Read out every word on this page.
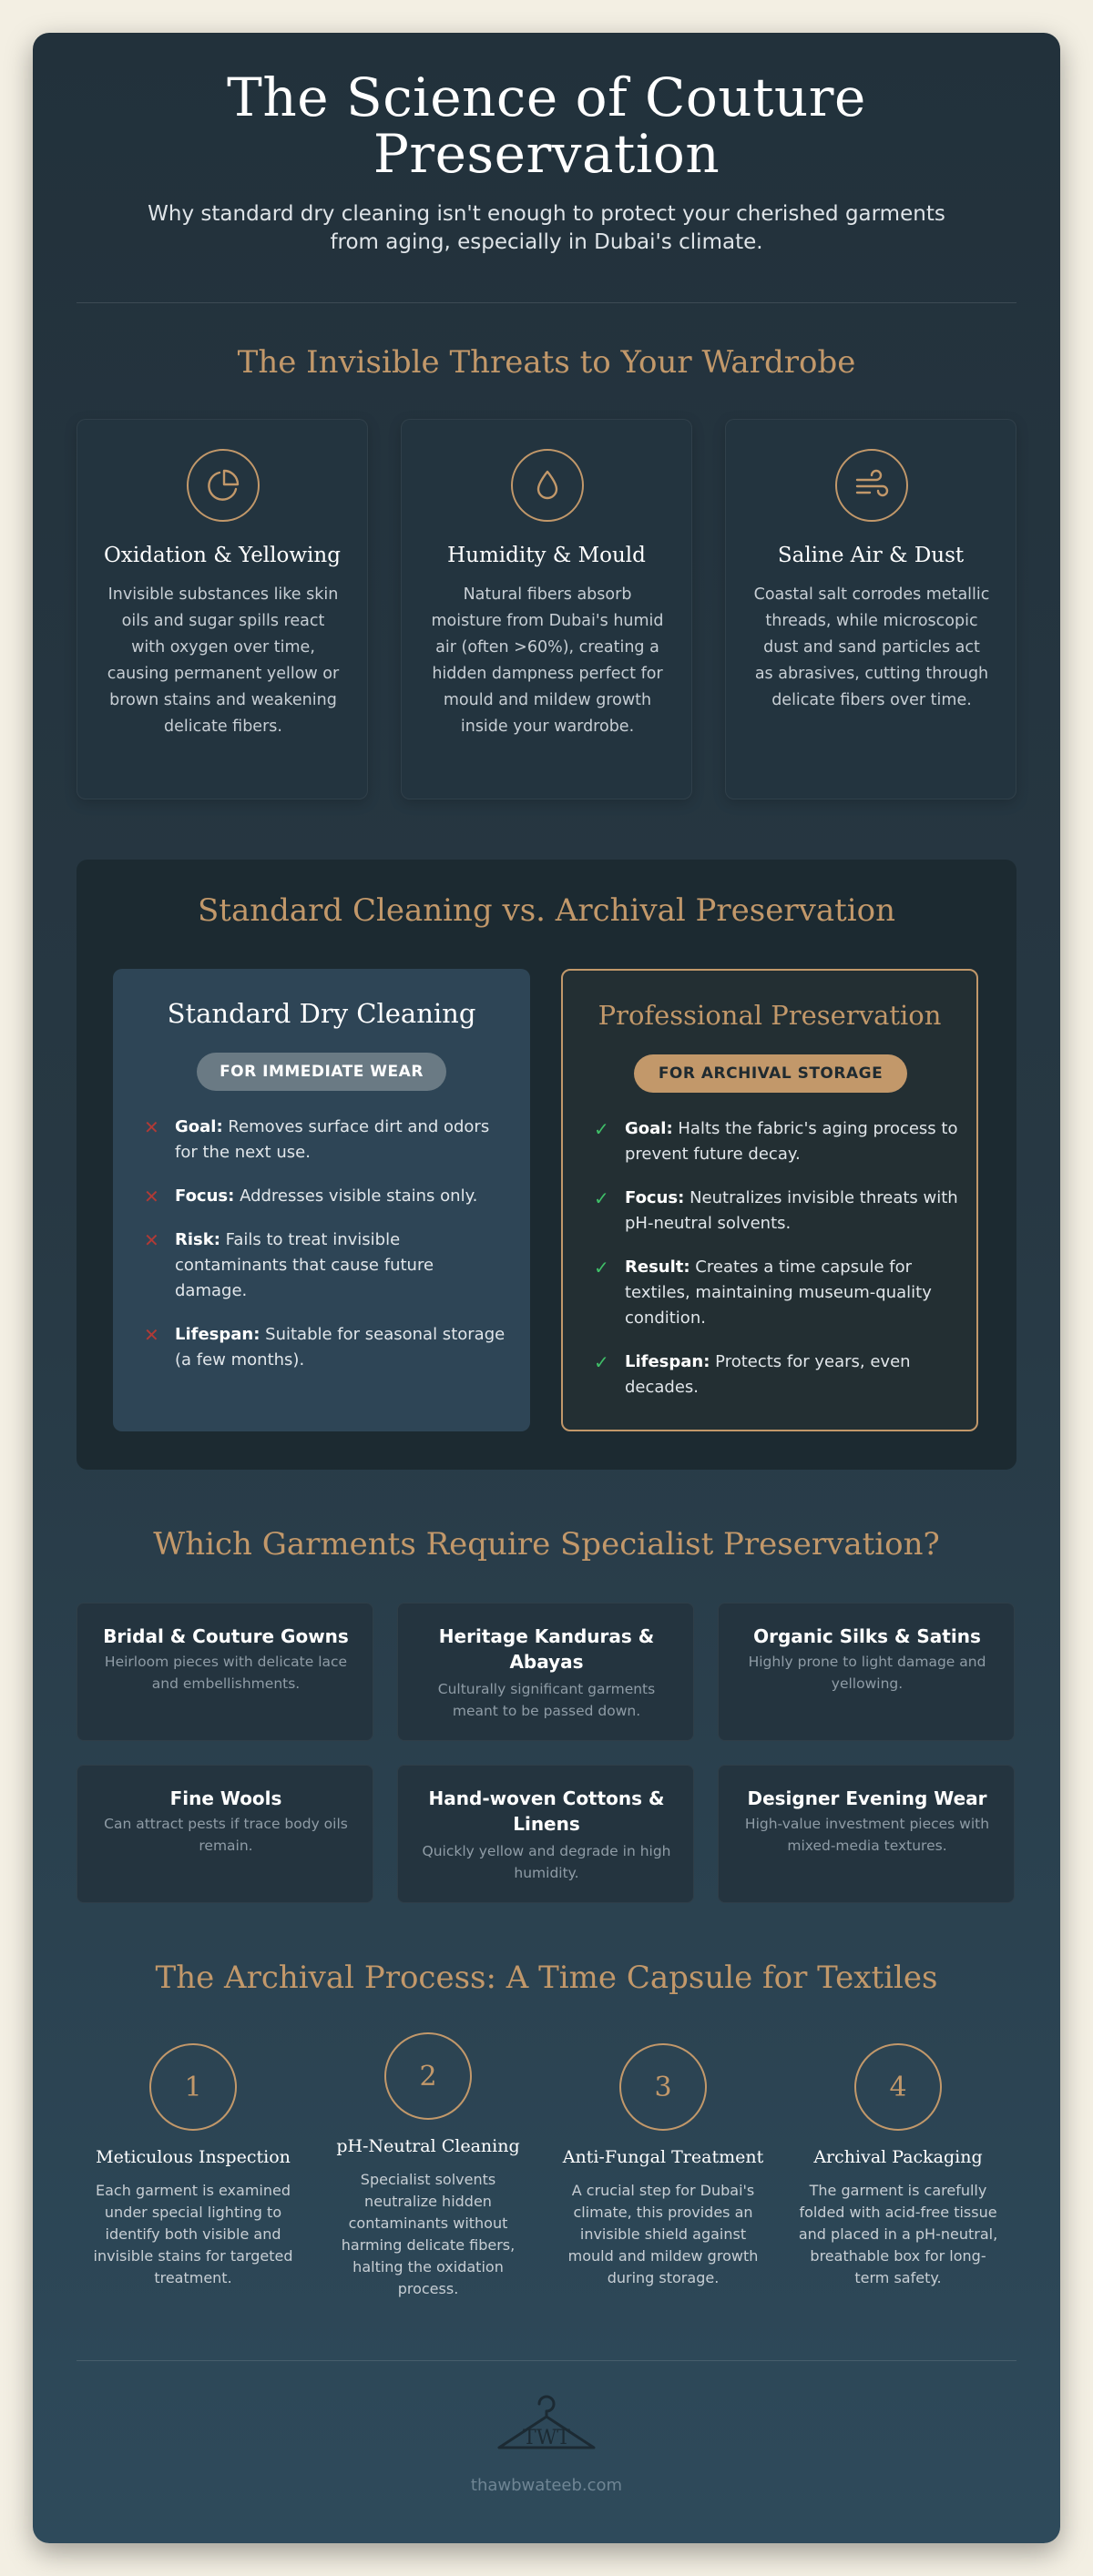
The Science of Couture Preservation
Why standard dry cleaning isn't enough to protect your cherished garments from aging, especially in Dubai's climate.
The Invisible Threats to Your Wardrobe
Oxidation & Yellowing
Invisible substances like skin oils and sugar spills react with oxygen over time, causing permanent yellow or brown stains and weakening delicate fibers.
Humidity & Mould
Natural fibers absorb moisture from Dubai's humid air (often >60%), creating a hidden dampness perfect for mould and mildew growth inside your wardrobe.
Saline Air & Dust
Coastal salt corrodes metallic threads, while microscopic dust and sand particles act as abrasives, cutting through delicate fibers over time.
Standard Cleaning vs. Archival Preservation
Standard Dry Cleaning
FOR IMMEDIATE WEAR
✕ Goal: Removes surface dirt and odors for the next use.
✕ Focus: Addresses visible stains only.
✕ Risk: Fails to treat invisible contaminants that cause future damage.
✕ Lifespan: Suitable for seasonal storage (a few months).
Professional Preservation
FOR ARCHIVAL STORAGE
✓ Goal: Halts the fabric's aging process to prevent future decay.
✓ Focus: Neutralizes invisible threats with pH-neutral solvents.
✓ Result: Creates a time capsule for textiles, maintaining museum-quality condition.
✓ Lifespan: Protects for years, even decades.
Which Garments Require Specialist Preservation?
Bridal & Couture Gowns
Heirloom pieces with delicate lace and embellishments.
Heritage Kanduras & Abayas
Culturally significant garments meant to be passed down.
Organic Silks & Satins
Highly prone to light damage and yellowing.
Fine Wools
Can attract pests if trace body oils remain.
Hand-woven Cottons & Linens
Quickly yellow and degrade in high humidity.
Designer Evening Wear
High-value investment pieces with mixed-media textures.
The Archival Process: A Time Capsule for Textiles
1
Meticulous Inspection
Each garment is examined under special lighting to identify both visible and invisible stains for targeted treatment.
2
pH-Neutral Cleaning
Specialist solvents neutralize hidden contaminants without harming delicate fibers, halting the oxidation process.
3
Anti-Fungal Treatment
A crucial step for Dubai's climate, this provides an invisible shield against mould and mildew growth during storage.
4
Archival Packaging
The garment is carefully folded with acid-free tissue and placed in a pH-neutral, breathable box for long-term safety.
TWT
thawbwateeb.com
